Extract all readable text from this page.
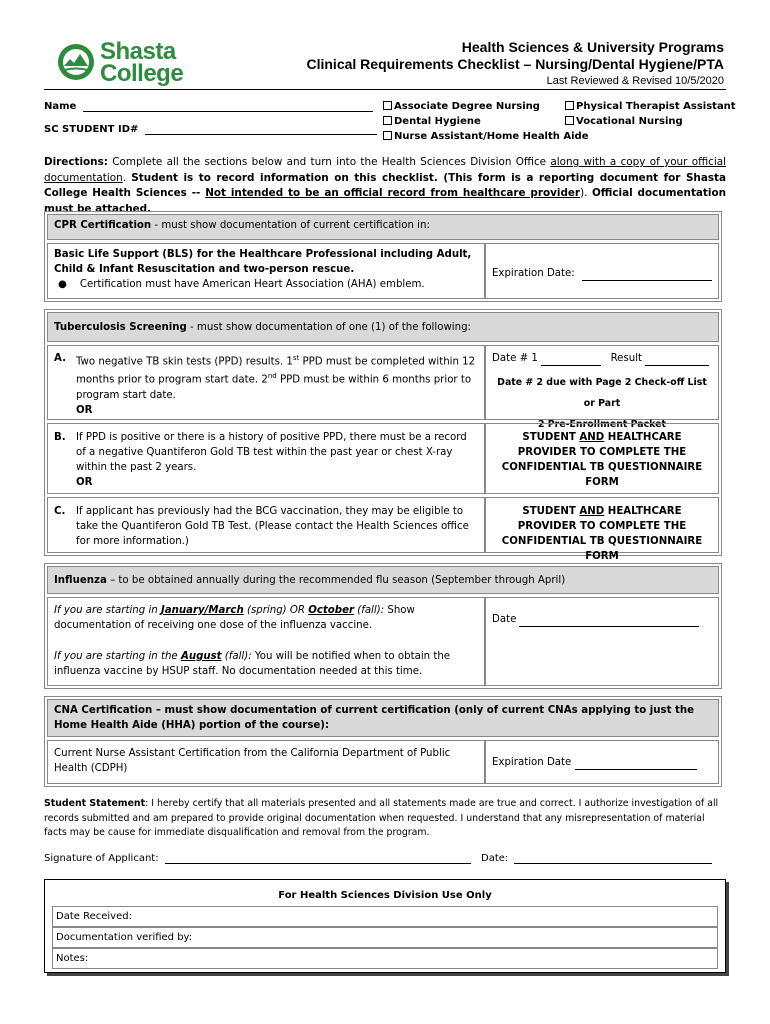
Shasta
College
Health Sciences & University Programs
Clinical Requirements Checklist – Nursing/Dental Hygiene/PTA
Last Reviewed & Revised 10/5/2020
Name
SC STUDENT ID#
Associate Degree Nursing
Dental Hygiene
Nurse Assistant/Home Health Aide
Physical Therapist Assistant
Vocational Nursing
Directions: Complete all the sections below and turn into the Health Sciences Division Office along with a copy of your official documentation. Student is to record information on this checklist. (This form is a reporting document for Shasta College Health Sciences -- Not intended to be an official record from healthcare provider). Official documentation must be attached.
CPR Certification - must show documentation of current certification in:
Basic Life Support (BLS) for the Healthcare Professional including Adult, Child & Infant Resuscitation and two-person rescue.
●    Certification must have American Heart Association (AHA) emblem.
Expiration Date:
Tuberculosis Screening - must show documentation of one (1) of the following:
A. Two negative TB skin tests (PPD) results. 1st PPD must be completed within 12 months prior to program start date. 2nd PPD must be within 6 months prior to program start date.
OR
Date # 1	Result
Date # 2 due with Page 2 Check-off List or Part
2 Pre-Enrollment Packet
B. If PPD is positive or there is a history of positive PPD, there must be a record of a negative Quantiferon Gold TB test within the past year or chest X-ray within the past 2 years.
OR
STUDENT AND HEALTHCARE PROVIDER TO COMPLETE THE CONFIDENTIAL TB QUESTIONNAIRE FORM
C. If applicant has previously had the BCG vaccination, they may be eligible to take the Quantiferon Gold TB Test. (Please contact the Health Sciences office for more information.)
STUDENT AND HEALTHCARE PROVIDER TO COMPLETE THE CONFIDENTIAL TB QUESTIONNAIRE FORM
Influenza – to be obtained annually during the recommended flu season (September through April)
If you are starting in January/March (spring) OR October (fall): Show documentation of receiving one dose of the influenza vaccine.
If you are starting in the August (fall): You will be notified when to obtain the influenza vaccine by HSUP staff. No documentation needed at this time.
Date
CNA Certification – must show documentation of current certification (only of current CNAs applying to just the Home Health Aide (HHA) portion of the course):
Current Nurse Assistant Certification from the California Department of Public Health (CDPH)
Expiration Date
Student Statement: I hereby certify that all materials presented and all statements made are true and correct. I authorize investigation of all records submitted and am prepared to provide original documentation when requested. I understand that any misrepresentation of material facts may be cause for immediate disqualification and removal from the program.
Signature of Applicant:	Date:
For Health Sciences Division Use Only
Date Received:
Documentation verified by:
Notes:
